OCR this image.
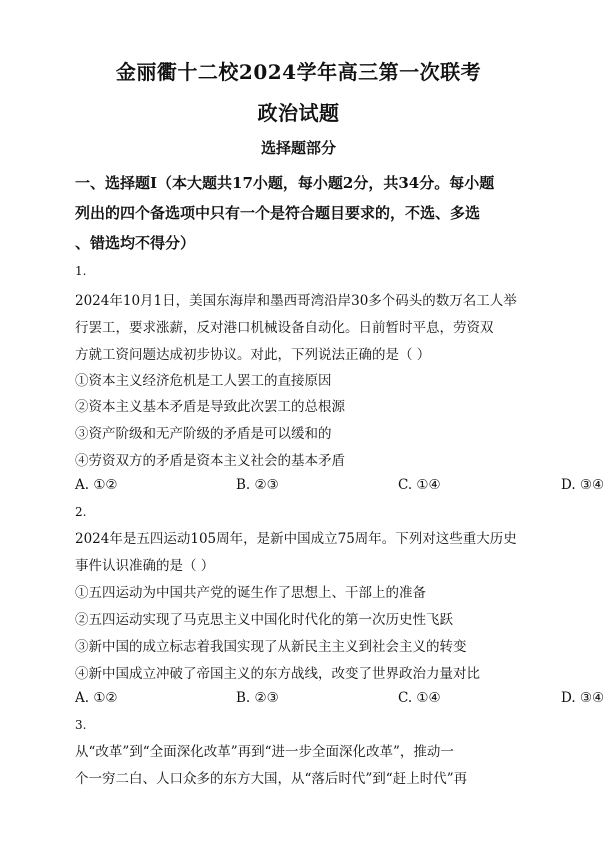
金丽衢十二校2024学年高三第一次联考
政治试题
选择题部分
一、选择题Ⅰ（本大题共17小题，每小题2分，共34分。每小题
列出的四个备选项中只有一个是符合题目要求的，不选、多选
、错选均不得分）
1.
2024年10月1日，美国东海岸和墨西哥湾沿岸30多个码头的数万名工人举
行罢工，要求涨薪，反对港口机械设备自动化。日前暂时平息，劳资双
方就工资问题达成初步协议。对此，下列说法正确的是（ ）
①资本主义经济危机是工人罢工的直接原因
②资本主义基本矛盾是导致此次罢工的总根源
③资产阶级和无产阶级的矛盾是可以缓和的
④劳资双方的矛盾是资本主义社会的基本矛盾
A. ①②	B. ②③	C. ①④	D. ③④
2.
2024年是五四运动105周年，是新中国成立75周年。下列对这些重大历史
事件认识准确的是（ ）
①五四运动为中国共产党的诞生作了思想上、干部上的准备
②五四运动实现了马克思主义中国化时代化的第一次历史性飞跃
③新中国的成立标志着我国实现了从新民主主义到社会主义的转变
④新中国成立冲破了帝国主义的东方战线，改变了世界政治力量对比
A. ①②	B. ②③	C. ①④	D. ③④
3.
从“改革”到“全面深化改革”再到“进一步全面深化改革”，推动一
个一穷二白、人口众多的东方大国，从“落后时代”到“赶上时代”再
